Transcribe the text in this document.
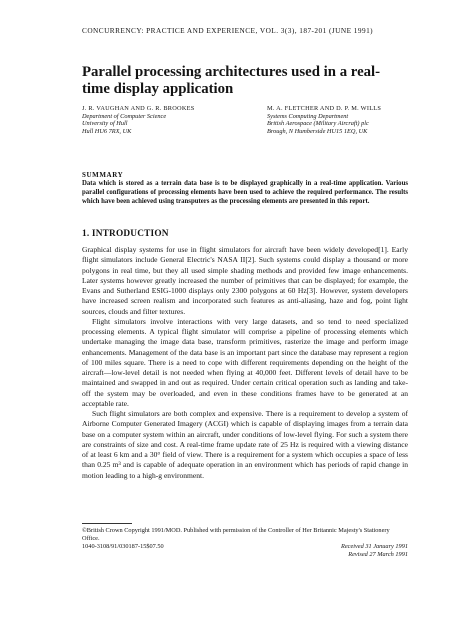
CONCURRENCY: PRACTICE AND EXPERIENCE, VOL. 3(3), 187-201 (JUNE 1991)
Parallel processing architectures used in a real-time display application
J. R. VAUGHAN AND G. R. BROOKES
Department of Computer Science
University of Hull
Hull HU6 7RX, UK
M. A. FLETCHER AND D. P. M. WILLS
Systems Computing Department
British Aerospace (Military Aircraft) plc
Brough, N Humberside HU15 1EQ, UK
SUMMARY
Data which is stored as a terrain data base is to be displayed graphically in a real-time application. Various parallel configurations of processing elements have been used to achieve the required performance. The results which have been achieved using transputers as the processing elements are presented in this report.
1. INTRODUCTION

Graphical display systems for use in flight simulators for aircraft have been widely developed[1]. Early flight simulators include General Electric's NASA II[2]. Such systems could display a thousand or more polygons in real time, but they all used simple shading methods and provided few image enhancements. Later systems however greatly increased the number of primitives that can be displayed; for example, the Evans and Sutherland ESIG-1000 displays only 2300 polygons at 60 Hz[3]. However, system developers have increased screen realism and incorporated such features as anti-aliasing, haze and fog, point light sources, clouds and filter textures.

Flight simulators involve interactions with very large datasets, and so tend to need specialized processing elements. A typical flight simulator will comprise a pipeline of processing elements which undertake managing the image data base, transform primitives, rasterize the image and perform image enhancements. Management of the data base is an important part since the database may represent a region of 100 miles square. There is a need to cope with different requirements depending on the height of the aircraft—low-level detail is not needed when flying at 40,000 feet. Different levels of detail have to be maintained and swapped in and out as required. Under certain critical operation such as landing and take-off the system may be overloaded, and even in these conditions frames have to be generated at an acceptable rate.

Such flight simulators are both complex and expensive. There is a requirement to develop a system of Airborne Computer Generated Imagery (ACGI) which is capable of displaying images from a terrain data base on a computer system within an aircraft, under conditions of low-level flying. For such a system there are constraints of size and cost. A real-time frame update rate of 25 Hz is required with a viewing distance of at least 6 km and a 30° field of view. There is a requirement for a system which occupies a space of less than 0.25 m³ and is capable of adequate operation in an environment which has periods of rapid change in motion leading to a high-g environment.

©British Crown Copyright 1991/MOD. Published with permission of the Controller of Her Britannic Majesty's Stationery Office.
1040-3108/91/030187-15$07.50	Received 31 January 1991
Revised 27 March 1991
